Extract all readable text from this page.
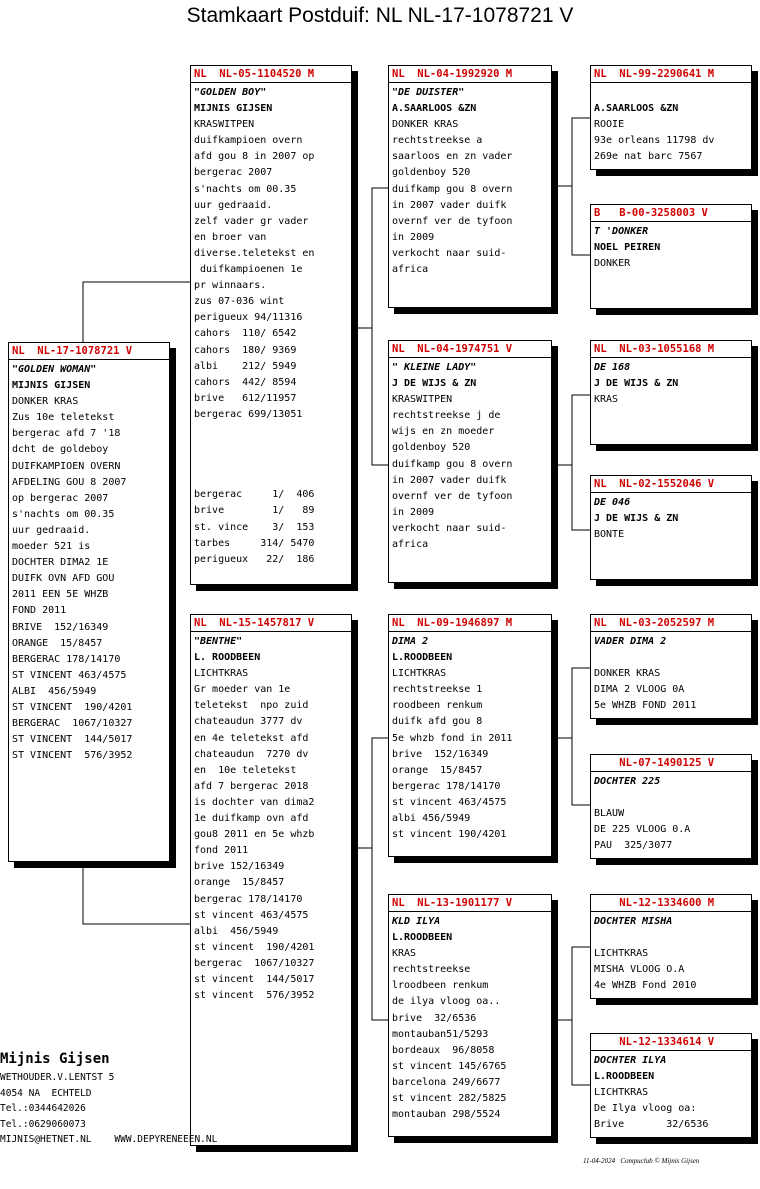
Stamkaart Postduif: NL NL-17-1078721 V
NL  NL-17-1078721 V
"GOLDEN WOMAN"
MIJNIS GIJSEN
DONKER KRAS
Zus 10e teletekst
bergerac afd 7 '18
dcht de goldeboy
DUIFKAMPIOEN OVERN
AFDELING GOU 8 2007
op bergerac 2007
s'nachts om 00.35
uur gedraaid.
moeder 521 is
DOCHTER DIMA2 1E
DUIFK OVN AFD GOU
2011 EEN 5E WHZB
FOND 2011
BRIVE  152/16349
ORANGE  15/8457
BERGERAC 178/14170
ST VINCENT 463/4575
ALBI  456/5949
ST VINCENT  190/4201
BERGERAC  1067/10327
ST VINCENT  144/5017
ST VINCENT  576/3952
NL  NL-05-1104520 M
"GOLDEN BOY"
MIJNIS GIJSEN
KRASWITPEN
duifkampioen overn
afd gou 8 in 2007 op
bergerac 2007
s'nachts om 00.35
uur gedraaid.
zelf vader gr vader
en broer van
diverse.teletekst en
duifkampioenen 1e
pr winnaars.
zus 07-036 wint
perigueux 94/11316
cahors  110/ 6542
cahors  180/ 9369
albi    212/ 5949
cahors  442/ 8594
brive   612/11957
bergerac 699/13051
bergerac     1/  406
brive        1/   89
st. vince    3/  153
tarbes     314/ 5470
perigueux   22/  186
NL  NL-15-1457817 V
"BENTHE"
L. ROODBEEN
LICHTKRAS
Gr moeder van 1e
teletekst  npo zuid
chateaudun 3777 dv
en 4e teletekst afd
chateaudun  7270 dv
en  10e teletekst
afd 7 bergerac 2018
is dochter van dima2
1e duifkamp ovn afd
gou8 2011 en 5e whzb
fond 2011
brive 152/16349
orange  15/8457
bergerac 178/14170
st vincent 463/4575
albi  456/5949
st vincent  190/4201
bergerac  1067/10327
st vincent  144/5017
st vincent  576/3952
NL  NL-04-1992920 M
"DE DUISTER"
A.SAARLOOS &ZN
DONKER KRAS
rechtstreekse a
saarloos en zn vader
goldenboy 520
duifkamp gou 8 overn
in 2007 vader duifk
overnf ver de tyfoon
in 2009
verkocht naar suid-
africa
NL  NL-04-1974751 V
" KLEINE LADY"
J DE WIJS & ZN
KRASWITPEN
rechtstreekse j de
wijs en zn moeder
goldenboy 520
duifkamp gou 8 overn
in 2007 vader duifk
overnf ver de tyfoon
in 2009
verkocht naar suid-
africa
NL  NL-09-1946897 M
DIMA 2
L.ROODBEEN
LICHTKRAS
rechtstreekse 1
roodbeen renkum
duifk afd gou 8
5e whzb fond in 2011
brive  152/16349
orange  15/8457
bergerac 178/14170
st vincent 463/4575
albi 456/5949
st vincent 190/4201
NL  NL-13-1901177 V
KLD ILYA
L.ROODBEEN
KRAS
rechtstreekse
lroodbeen renkum
de ilya vloog oa..
brive  32/6536
montauban51/5293
bordeaux  96/8058
st vincent 145/6765
barcelona 249/6677
st vincent 282/5825
montauban 298/5524
NL  NL-99-2290641 M
A.SAARLOOS &ZN
ROOIE
93e orleans 11798 dv
269e nat barc 7567
B   B-00-3258003 V
T 'DONKER
NOEL PEIREN
DONKER
NL  NL-03-1055168 M
DE 168
J DE WIJS & ZN
KRAS
NL  NL-02-1552046 V
DE 046
J DE WIJS & ZN
BONTE
NL  NL-03-2052597 M
VADER DIMA 2
DONKER KRAS
DIMA 2 VLOOG 0A
5e WHZB FOND 2011
NL-07-1490125 V
DOCHTER 225
BLAUW
DE 225 VLOOG 0.A
PAU  325/3077
NL-12-1334600 M
DOCHTER MISHA
LICHTKRAS
MISHA VLOOG O.A
4e WHZB Fond 2010
NL-12-1334614 V
DOCHTER ILYA
L.ROODBEEN
LICHTKRAS
De Ilya vloog oa:
Brive       32/6536
Mijnis Gijsen
WETHOUDER.V.LENTST 5
4054 NA  ECHTELD
Tel.:0344642026
Tel.:0629060073
MIJNIS@HETNET.NL    WWW.DEPYRENEEEN.NL
11-04-2024   Compuclub © Mijnis Gijsen
